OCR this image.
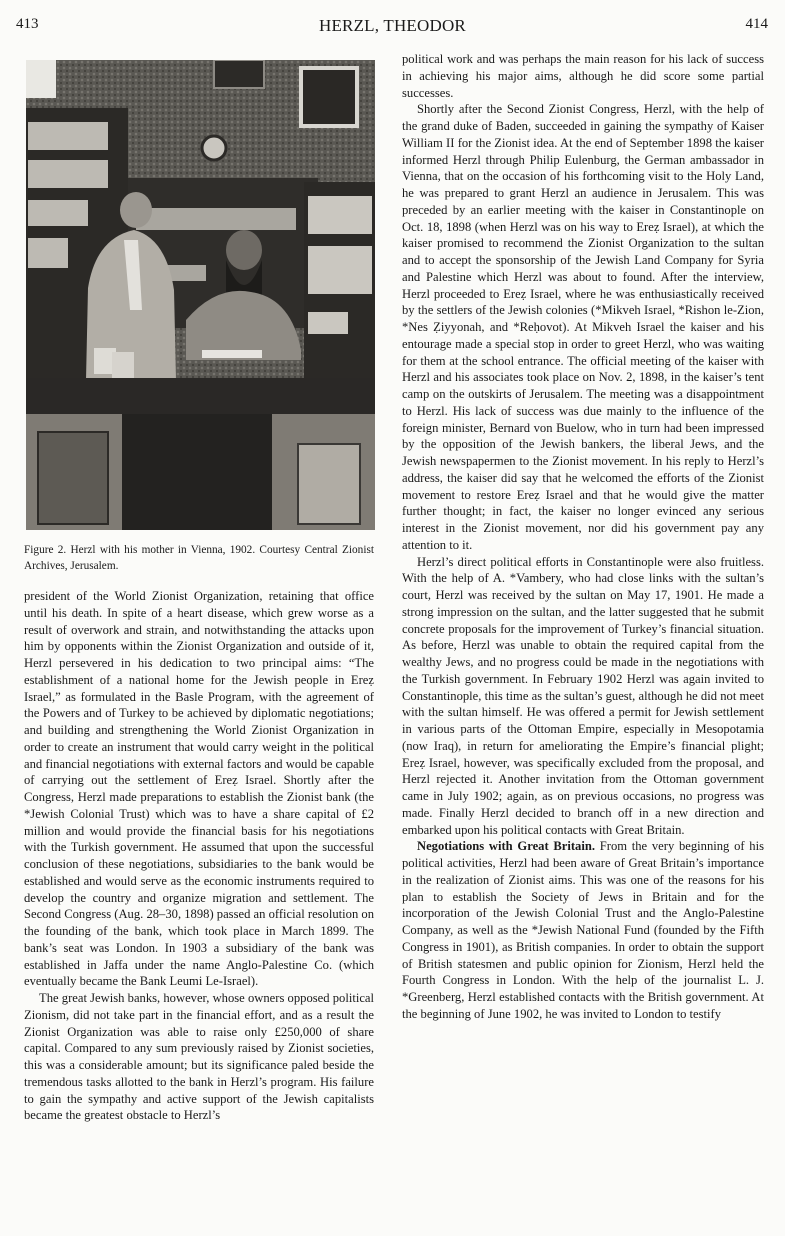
413	HERZL, THEODOR	414
Figure 2. Herzl with his mother in Vienna, 1902. Courtesy Central Zionist Archives, Jerusalem.

president of the World Zionist Organization, retaining that office until his death. In spite of a heart disease, which grew worse as a result of overwork and strain, and notwithstanding the attacks upon him by opponents within the Zionist Organization and outside of it, Herzl persevered in his dedication to two principal aims: “The establishment of a national home for the Jewish people in Ereẓ Israel,” as formulated in the Basle Program, with the agreement of the Powers and of Turkey to be achieved by diplomatic negotiations; and building and strengthening the World Zionist Organization in order to create an instrument that would carry weight in the political and financial negotiations with external factors and would be capable of carrying out the settlement of Ereẓ Israel. Shortly after the Congress, Herzl made preparations to establish the Zionist bank (the *Jewish Colonial Trust) which was to have a share capital of £2 million and would provide the financial basis for his negotiations with the Turkish government. He assumed that upon the successful conclusion of these negotiations, subsidiaries to the bank would be established and would serve as the economic instruments required to develop the country and organize migration and settlement. The Second Congress (Aug. 28–30, 1898) passed an official resolution on the founding of the bank, which took place in March 1899. The bank’s seat was London. In 1903 a subsidiary of the bank was established in Jaffa under the name Anglo-Palestine Co. (which eventually became the Bank Leumi Le-Israel).

The great Jewish banks, however, whose owners opposed political Zionism, did not take part in the financial effort, and as a result the Zionist Organization was able to raise only £250,000 of share capital. Compared to any sum previously raised by Zionist societies, this was a considerable amount; but its significance paled beside the tremendous tasks allotted to the bank in Herzl’s program. His failure to gain the sympathy and active support of the Jewish capitalists became the greatest obstacle to Herzl’s

political work and was perhaps the main reason for his lack of success in achieving his major aims, although he did score some partial successes.

Shortly after the Second Zionist Congress, Herzl, with the help of the grand duke of Baden, succeeded in gaining the sympathy of Kaiser William II for the Zionist idea. At the end of September 1898 the kaiser informed Herzl through Philip Eulenburg, the German ambassador in Vienna, that on the occasion of his forthcoming visit to the Holy Land, he was prepared to grant Herzl an audience in Jerusalem. This was preceded by an earlier meeting with the kaiser in Constantinople on Oct. 18, 1898 (when Herzl was on his way to Ereẓ Israel), at which the kaiser promised to recommend the Zionist Organization to the sultan and to accept the sponsorship of the Jewish Land Company for Syria and Palestine which Herzl was about to found. After the interview, Herzl proceeded to Ereẓ Israel, where he was enthusiastically received by the settlers of the Jewish colonies (*Mikveh Israel, *Rishon le-Zion, *Nes Ẓiyyonah, and *Reḥovot). At Mikveh Israel the kaiser and his entourage made a special stop in order to greet Herzl, who was waiting for them at the school entrance. The official meeting of the kaiser with Herzl and his associates took place on Nov. 2, 1898, in the kaiser’s tent camp on the outskirts of Jerusalem. The meeting was a disappointment to Herzl. His lack of success was due mainly to the influence of the foreign minister, Bernard von Buelow, who in turn had been impressed by the opposition of the Jewish bankers, the liberal Jews, and the Jewish newspapermen to the Zionist movement. In his reply to Herzl’s address, the kaiser did say that he welcomed the efforts of the Zionist movement to restore Ereẓ Israel and that he would give the matter further thought; in fact, the kaiser no longer evinced any serious interest in the Zionist movement, nor did his government pay any attention to it.

Herzl’s direct political efforts in Constantinople were also fruitless. With the help of A. *Vambery, who had close links with the sultan’s court, Herzl was received by the sultan on May 17, 1901. He made a strong impression on the sultan, and the latter suggested that he submit concrete proposals for the improvement of Turkey’s financial situation. As before, Herzl was unable to obtain the required capital from the wealthy Jews, and no progress could be made in the negotiations with the Turkish government. In February 1902 Herzl was again invited to Constantinople, this time as the sultan’s guest, although he did not meet with the sultan himself. He was offered a permit for Jewish settlement in various parts of the Ottoman Empire, especially in Mesopotamia (now Iraq), in return for ameliorating the Empire’s financial plight; Ereẓ Israel, however, was specifically excluded from the proposal, and Herzl rejected it. Another invitation from the Ottoman government came in July 1902; again, as on previous occasions, no progress was made. Finally Herzl decided to branch off in a new direction and embarked upon his political contacts with Great Britain.

Negotiations with Great Britain. From the very beginning of his political activities, Herzl had been aware of Great Britain’s importance in the realization of Zionist aims. This was one of the reasons for his plan to establish the Society of Jews in Britain and for the incorporation of the Jewish Colonial Trust and the Anglo-Palestine Company, as well as the *Jewish National Fund (founded by the Fifth Congress in 1901), as British companies. In order to obtain the support of British statesmen and public opinion for Zionism, Herzl held the Fourth Congress in London. With the help of the journalist L. J. *Greenberg, Herzl established contacts with the British government. At the beginning of June 1902, he was invited to London to testify
